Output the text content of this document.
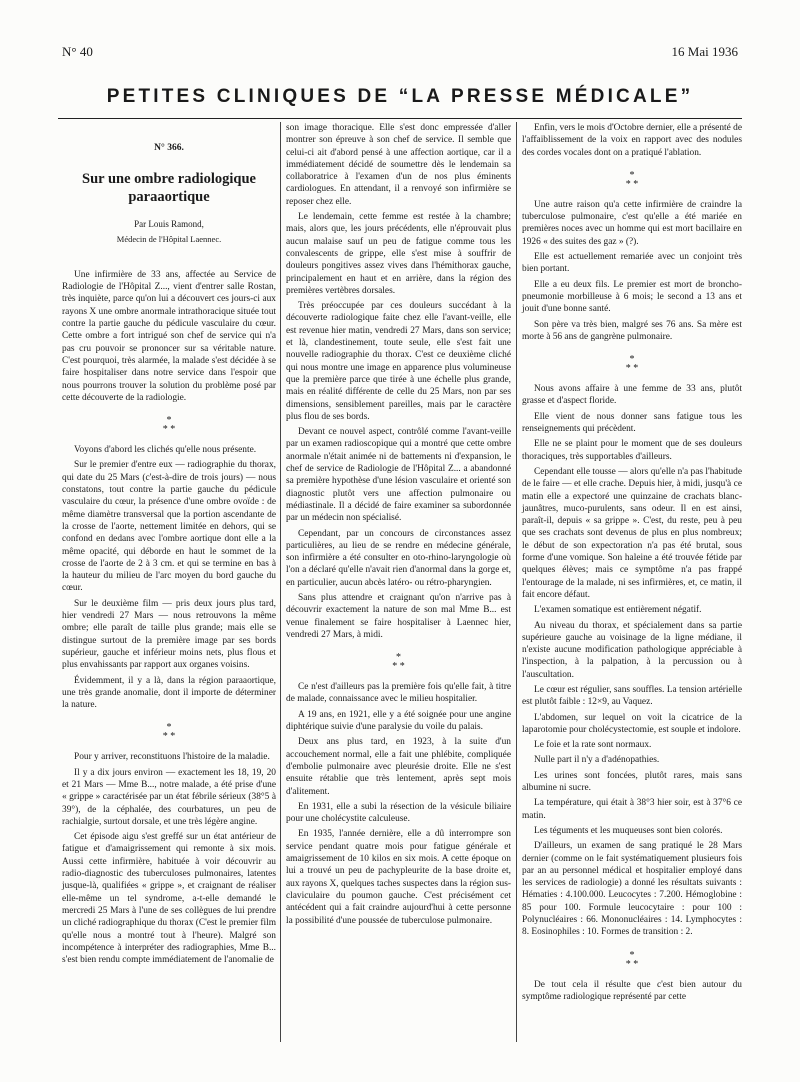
N° 40	16 Mai 1936
PETITES CLINIQUES DE “LA PRESSE MÉDICALE”
N° 366.
Sur une ombre radiologique paraaortique
Par Louis Ramond,
Médecin de l'Hôpital Laennec.

Une infirmière de 33 ans, affectée au Service de Radiologie de l'Hôpital Z..., vient d'entrer salle Rostan, très inquiète, parce qu'on lui a découvert ces jours-ci aux rayons X une ombre anormale intrathoracique située tout contre la partie gauche du pédicule vasculaire du cœur. Cette ombre a fort intrigué son chef de service qui n'a pas cru pouvoir se prononcer sur sa véritable nature. C'est pourquoi, très alarmée, la malade s'est décidée à se faire hospitaliser dans notre service dans l'espoir que nous pourrons trouver la solution du problème posé par cette découverte de la radiologie.

*
* *

Voyons d'abord les clichés qu'elle nous présente.

Sur le premier d'entre eux — radiographie du thorax, qui date du 25 Mars (c'est-à-dire de trois jours) — nous constatons, tout contre la partie gauche du pédicule vasculaire du cœur, la présence d'une ombre ovoïde : de même diamètre transversal que la portion ascendante de la crosse de l'aorte, nettement limitée en dehors, qui se confond en dedans avec l'ombre aortique dont elle a la même opacité, qui déborde en haut le sommet de la crosse de l'aorte de 2 à 3 cm. et qui se termine en bas à la hauteur du milieu de l'arc moyen du bord gauche du cœur.

Sur le deuxième film — pris deux jours plus tard, hier vendredi 27 Mars — nous retrouvons la même ombre; elle paraît de taille plus grande; mais elle se distingue surtout de la première image par ses bords supérieur, gauche et inférieur moins nets, plus flous et plus envahissants par rapport aux organes voisins.

Évidemment, il y a là, dans la région paraaortique, une très grande anomalie, dont il importe de déterminer la nature.

*
* *

Pour y arriver, reconstituons l'histoire de la maladie.

Il y a dix jours environ — exactement les 18, 19, 20 et 21 Mars — Mme B..., notre malade, a été prise d'une « grippe » caractérisée par un état fébrile sérieux (38°5 à 39°), de la céphalée, des courbatures, un peu de rachialgie, surtout dorsale, et une très légère angine.

Cet épisode aigu s'est greffé sur un état antérieur de fatigue et d'amaigrissement qui remonte à six mois. Aussi cette infirmière, habituée à voir découvrir au radio-diagnostic des tuberculoses pulmonaires, latentes jusque-là, qualifiées « grippe », et craignant de réaliser elle-même un tel syndrome, a-t-elle demandé le mercredi 25 Mars à l'une de ses collègues de lui prendre un cliché radiographique du thorax (C'est le premier film qu'elle nous a montré tout à l'heure). Malgré son incompétence à interpréter des radiographies, Mme B... s'est bien rendu compte immédiatement de l'anomalie de

son image thoracique. Elle s'est donc empressée d'aller montrer son épreuve à son chef de service. Il semble que celui-ci ait d'abord pensé à une affection aortique, car il a immédiatement décidé de soumettre dès le lendemain sa collaboratrice à l'examen d'un de nos plus éminents cardiologues. En attendant, il a renvoyé son infirmière se reposer chez elle.

Le lendemain, cette femme est restée à la chambre; mais, alors que, les jours précédents, elle n'éprouvait plus aucun malaise sauf un peu de fatigue comme tous les convalescents de grippe, elle s'est mise à souffrir de douleurs pongitives assez vives dans l'hémithorax gauche, principalement en haut et en arrière, dans la région des premières vertèbres dorsales.

Très préoccupée par ces douleurs succédant à la découverte radiologique faite chez elle l'avant-veille, elle est revenue hier matin, vendredi 27 Mars, dans son service; et là, clandestinement, toute seule, elle s'est fait une nouvelle radiographie du thorax. C'est ce deuxième cliché qui nous montre une image en apparence plus volumineuse que la première parce que tirée à une échelle plus grande, mais en réalité différente de celle du 25 Mars, non par ses dimensions, sensiblement pareilles, mais par le caractère plus flou de ses bords.

Devant ce nouvel aspect, contrôlé comme l'avant-veille par un examen radioscopique qui a montré que cette ombre anormale n'était animée ni de battements ni d'expansion, le chef de service de Radiologie de l'Hôpital Z... a abandonné sa première hypothèse d'une lésion vasculaire et orienté son diagnostic plutôt vers une affection pulmonaire ou médiastinale. Il a décidé de faire examiner sa subordonnée par un médecin non spécialisé.

Cependant, par un concours de circonstances assez particulières, au lieu de se rendre en médecine générale, son infirmière a été consulter en oto-rhino-laryngologie où l'on a déclaré qu'elle n'avait rien d'anormal dans la gorge et, en particulier, aucun abcès latéro- ou rétro-pharyngien.

Sans plus attendre et craignant qu'on n'arrive pas à découvrir exactement la nature de son mal Mme B... est venue finalement se faire hospitaliser à Laennec hier, vendredi 27 Mars, à midi.

*
* *

Ce n'est d'ailleurs pas la première fois qu'elle fait, à titre de malade, connaissance avec le milieu hospitalier.

A 19 ans, en 1921, elle y a été soignée pour une angine diphtérique suivie d'une paralysie du voile du palais.

Deux ans plus tard, en 1923, à la suite d'un accouchement normal, elle a fait une phlébite, compliquée d'embolie pulmonaire avec pleurésie droite. Elle ne s'est ensuite rétablie que très lentement, après sept mois d'alitement.

En 1931, elle a subi la résection de la vésicule biliaire pour une cholécystite calculeuse.

En 1935, l'année dernière, elle a dû interrompre son service pendant quatre mois pour fatigue générale et amaigrissement de 10 kilos en six mois. A cette époque on lui a trouvé un peu de pachypleurite de la base droite et, aux rayons X, quelques taches suspectes dans la région sus-claviculaire du poumon gauche. C'est précisément cet antécédent qui a fait craindre aujourd'hui à cette personne la possibilité d'une poussée de tuberculose pulmonaire.

Enfin, vers le mois d'Octobre dernier, elle a présenté de l'affaiblissement de la voix en rapport avec des nodules des cordes vocales dont on a pratiqué l'ablation.

*
* *

Une autre raison qu'a cette infirmière de craindre la tuberculose pulmonaire, c'est qu'elle a été mariée en premières noces avec un homme qui est mort bacillaire en 1926 « des suites des gaz » (?).

Elle est actuellement remariée avec un conjoint très bien portant.

Elle a eu deux fils. Le premier est mort de broncho-pneumonie morbilleuse à 6 mois; le second a 13 ans et jouit d'une bonne santé.

Son père va très bien, malgré ses 76 ans. Sa mère est morte à 56 ans de gangrène pulmonaire.

*
* *

Nous avons affaire à une femme de 33 ans, plutôt grasse et d'aspect floride.

Elle vient de nous donner sans fatigue tous les renseignements qui précèdent.

Elle ne se plaint pour le moment que de ses douleurs thoraciques, très supportables d'ailleurs.

Cependant elle tousse — alors qu'elle n'a pas l'habitude de le faire — et elle crache. Depuis hier, à midi, jusqu'à ce matin elle a expectoré une quinzaine de crachats blanc-jaunâtres, muco-purulents, sans odeur. Il en est ainsi, paraît-il, depuis « sa grippe ». C'est, du reste, peu à peu que ses crachats sont devenus de plus en plus nombreux; le début de son expectoration n'a pas été brutal, sous forme d'une vomique. Son haleine a été trouvée fétide par quelques élèves; mais ce symptôme n'a pas frappé l'entourage de la malade, ni ses infirmières, et, ce matin, il fait encore défaut.

L'examen somatique est entièrement négatif.

Au niveau du thorax, et spécialement dans sa partie supérieure gauche au voisinage de la ligne médiane, il n'existe aucune modification pathologique appréciable à l'inspection, à la palpation, à la percussion ou à l'auscultation.

Le cœur est régulier, sans souffles. La tension artérielle est plutôt faible : 12×9, au Vaquez.

L'abdomen, sur lequel on voit la cicatrice de la laparotomie pour cholécystectomie, est souple et indolore.

Le foie et la rate sont normaux.

Nulle part il n'y a d'adénopathies.

Les urines sont foncées, plutôt rares, mais sans albumine ni sucre.

La température, qui était à 38°3 hier soir, est à 37°6 ce matin.

Les téguments et les muqueuses sont bien colorés.

D'ailleurs, un examen de sang pratiqué le 28 Mars dernier (comme on le fait systématiquement plusieurs fois par an au personnel médical et hospitalier employé dans les services de radiologie) a donné les résultats suivants : Hématies : 4.100.000. Leucocytes : 7.200. Hémoglobine : 85 pour 100. Formule leucocytaire : pour 100 : Polynucléaires : 66. Mononucléaires : 14. Lymphocytes : 8. Eosinophiles : 10. Formes de transition : 2.

*
* *

De tout cela il résulte que c'est bien autour du symptôme radiologique représenté par cette
